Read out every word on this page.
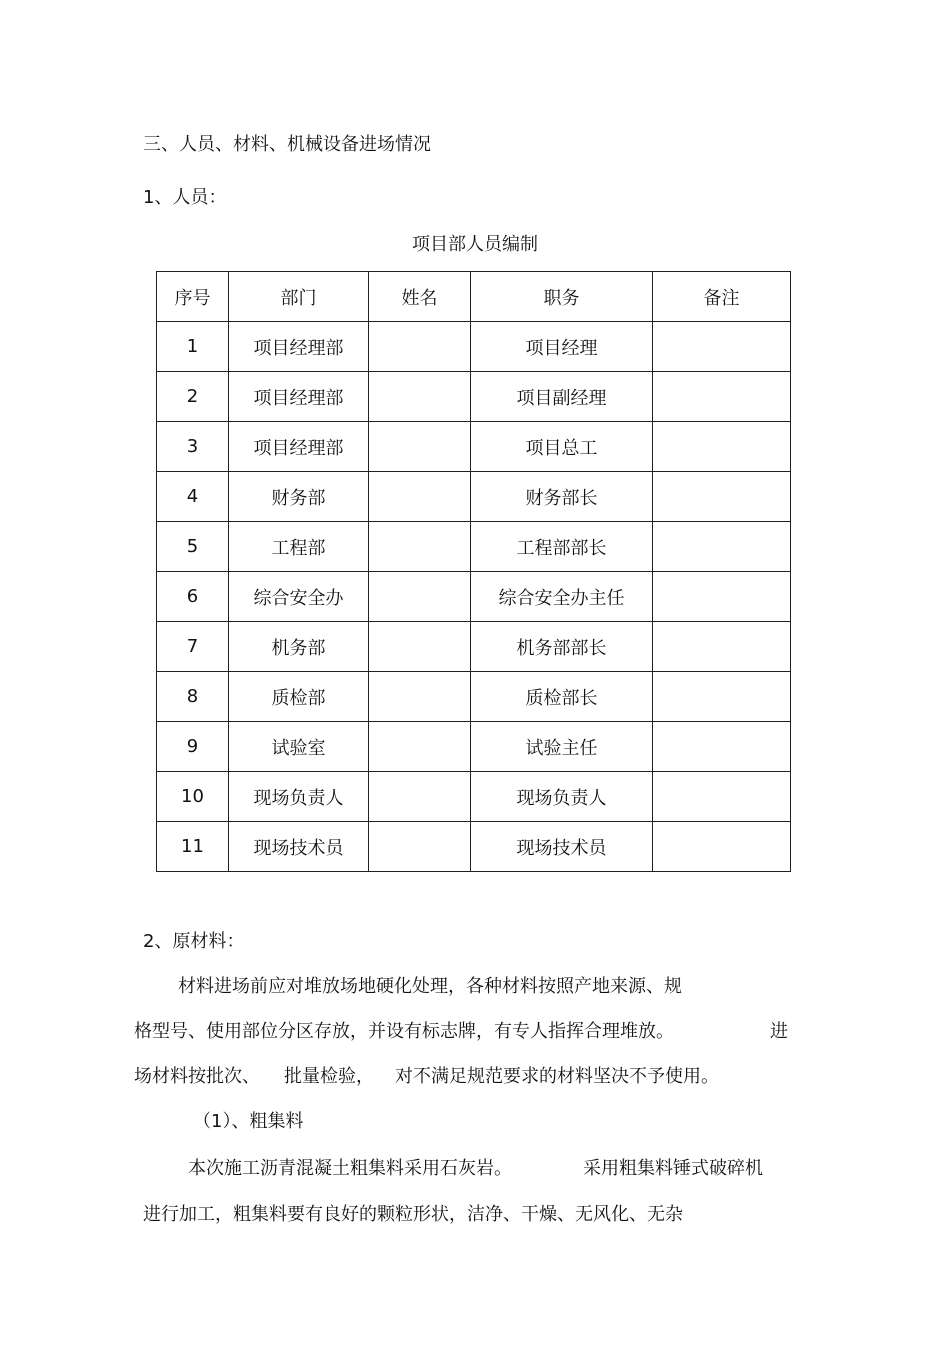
三、人员、材料、机械设备进场情况
1、人员：
项目部人员编制
序号	部门	姓名	职务	备注
1	项目经理部		项目经理	
2	项目经理部		项目副经理	
3	项目经理部		项目总工	
4	财务部		财务部长	
5	工程部		工程部部长	
6	综合安全办		综合安全办主任	
7	机务部		机务部部长	
8	质检部		质检部长	
9	试验室		试验主任	
10	现场负责人		现场负责人	
11	现场技术员		现场技术员	
2、原材料：
材料进场前应对堆放场地硬化处理，各种材料按照产地来源、规
格型号、使用部位分区存放，并设有标志牌，有专人指挥合理堆放。	进
场材料按批次、 批量检验， 对不满足规范要求的材料坚决不予使用。
（1）、粗集料
本次施工沥青混凝土粗集料采用石灰岩。	采用粗集料锤式破碎机
进行加工，粗集料要有良好的颗粒形状，洁净、干燥、无风化、无杂
